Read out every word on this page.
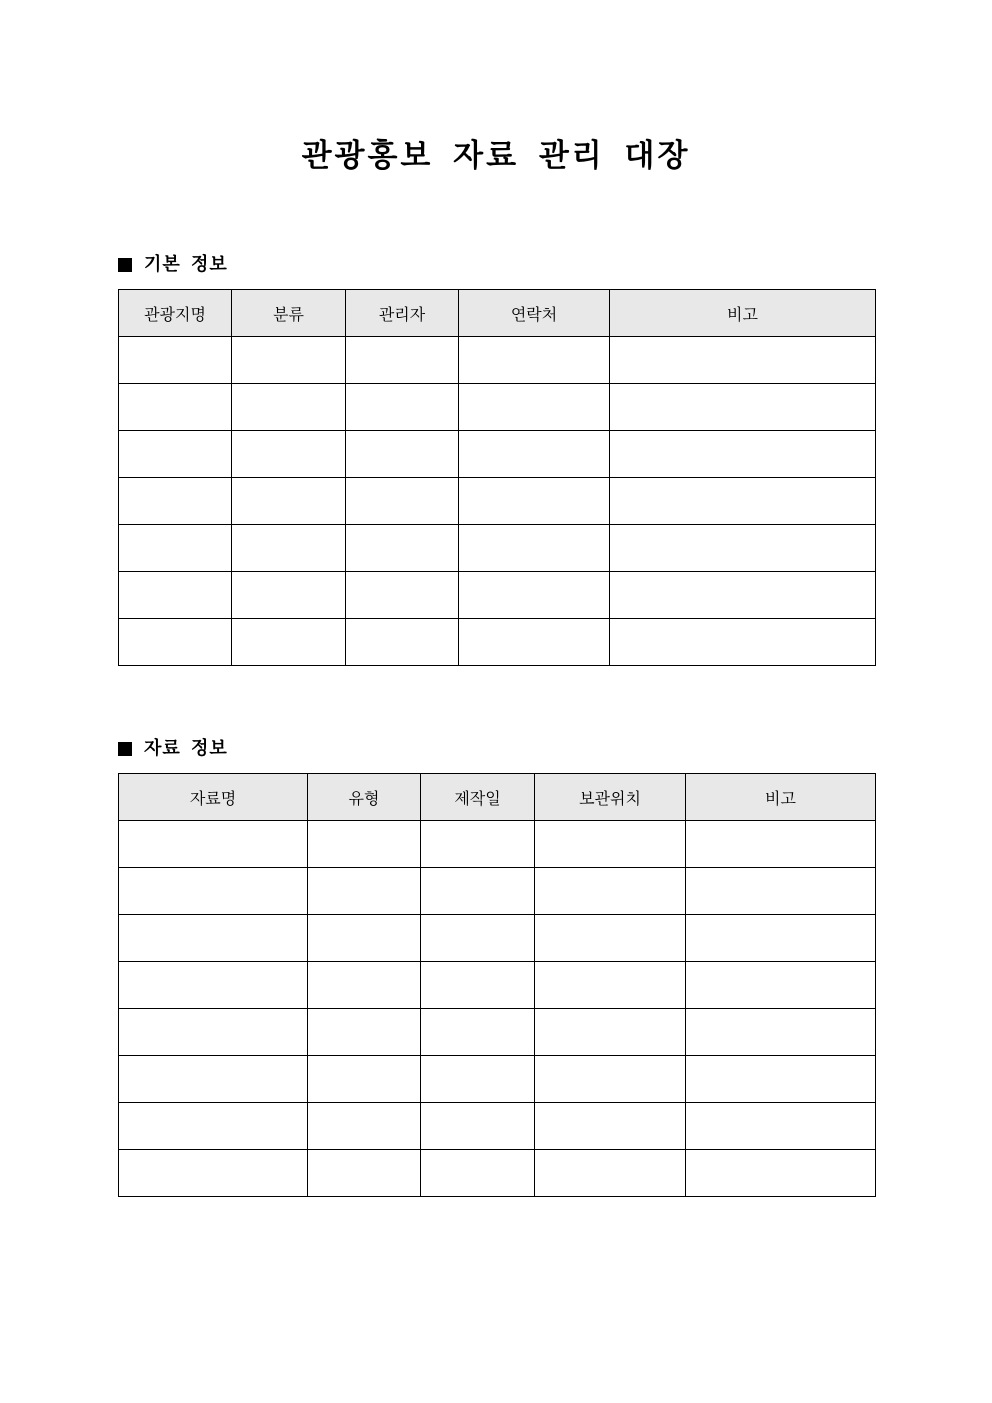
관광홍보 자료 관리 대장
기본 정보
관광지명	분류	관리자	연락처	비고

자료 정보
자료명	유형	제작일	보관위치	비고
